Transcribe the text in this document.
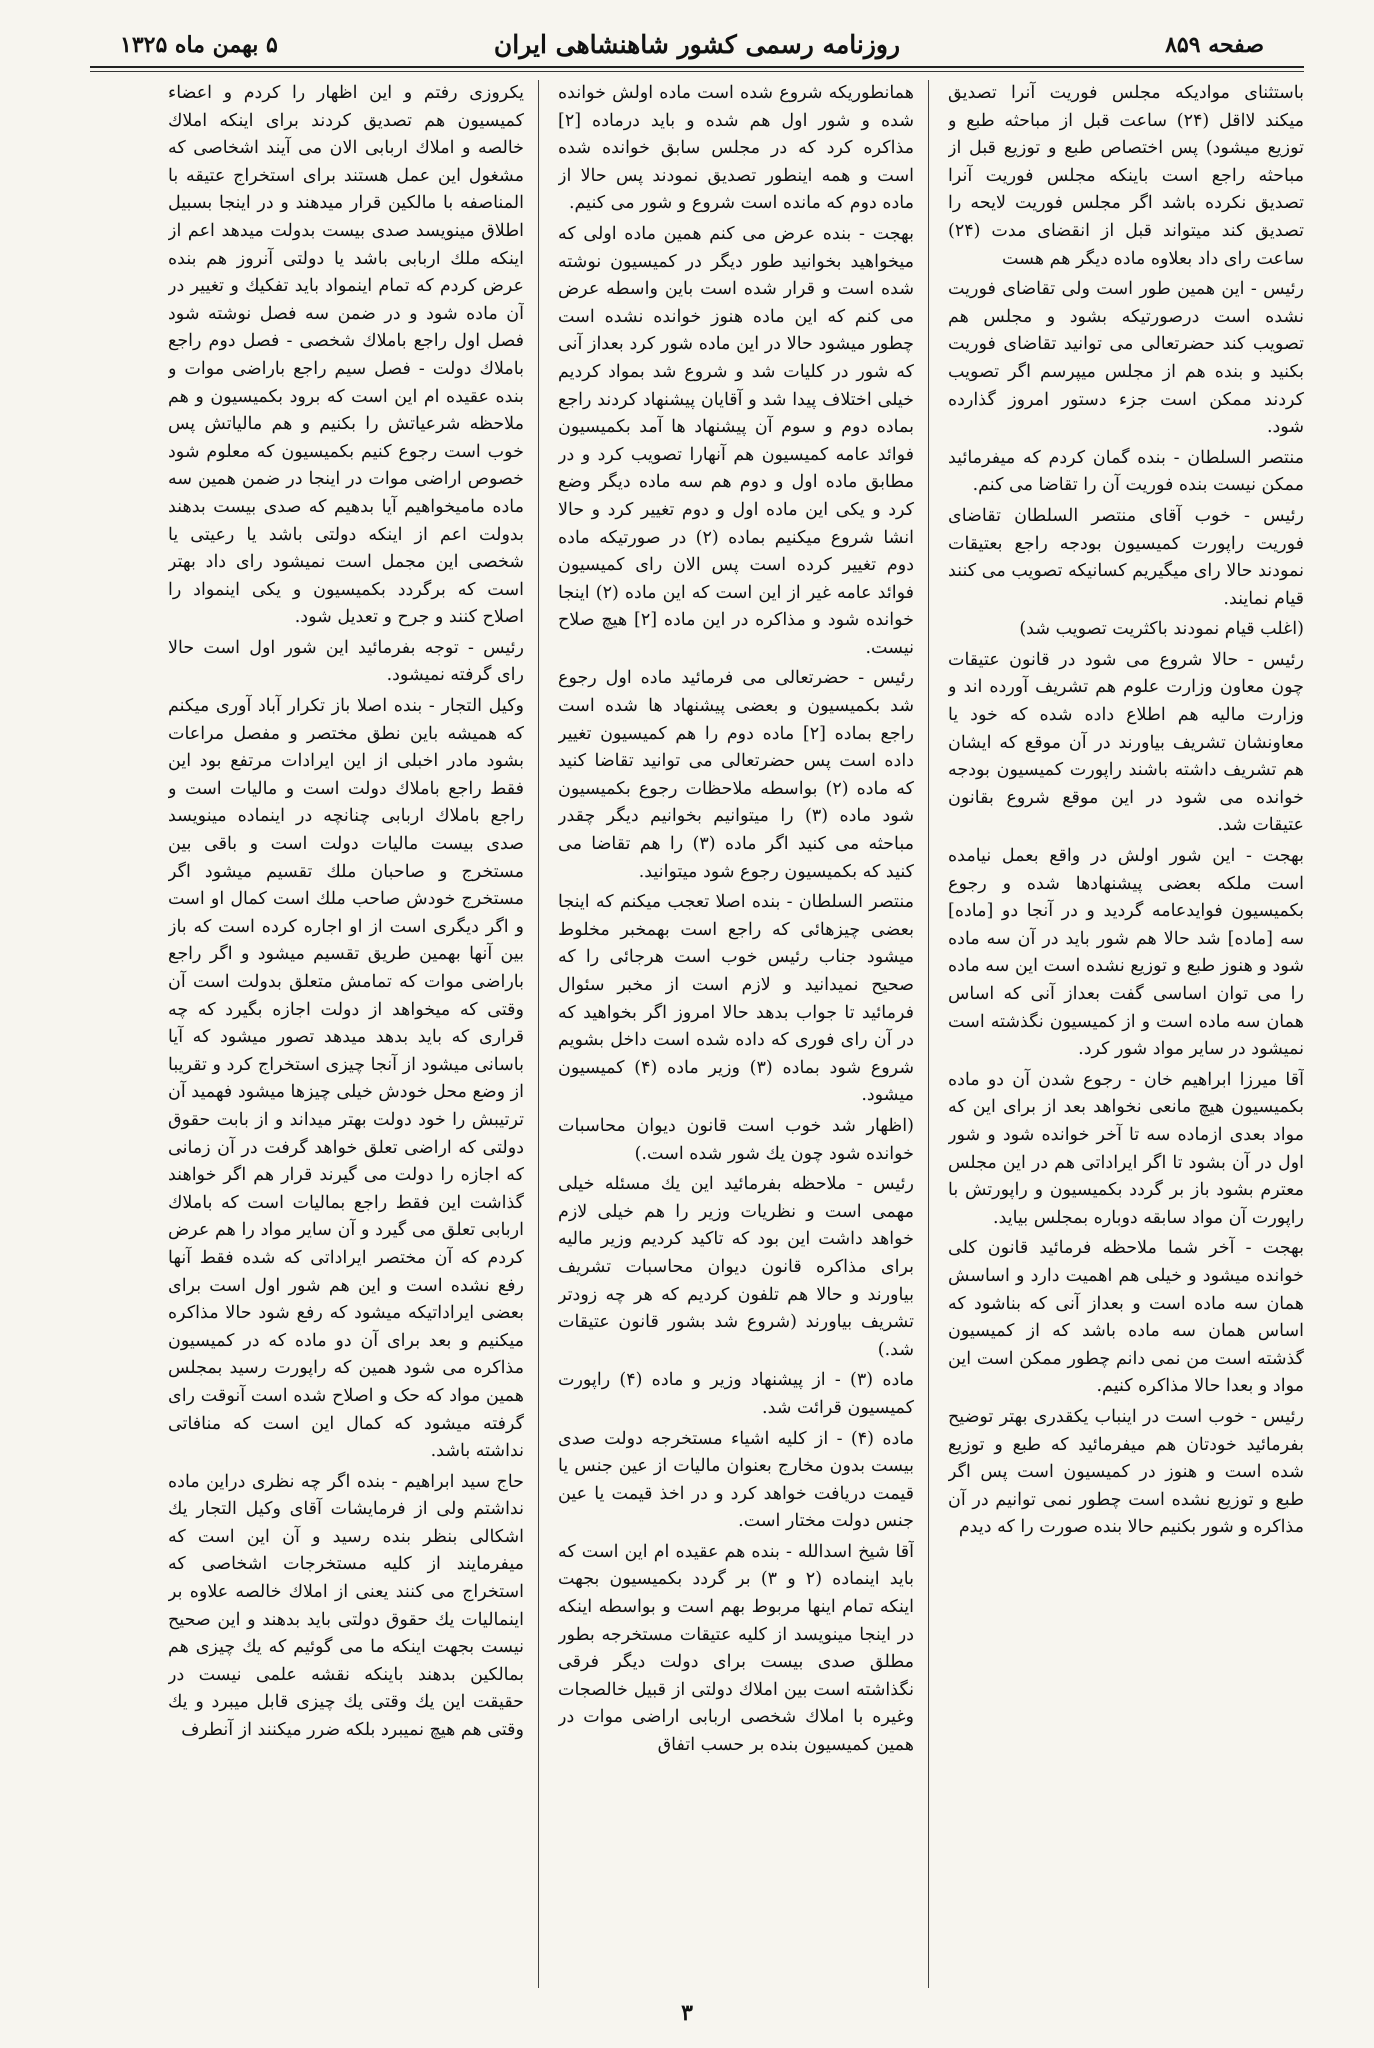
صفحه ۸۵۹
روزنامه رسمی کشور شاهنشاهی ایران
۵ بهمن ماه ۱۳۲۵
باستثنای موادیکه مجلس فوریت آنرا تصدیق میکند لااقل (۲۴) ساعت قبل از مباحثه طبع و توزیع میشود) پس اختصاص طبع و توزیع قبل از مباحثه راجع است باینکه مجلس فوریت آنرا تصدیق نکرده باشد اگر مجلس فوریت لایحه را تصدیق کند میتواند قبل از انقضای مدت (۲۴) ساعت رای داد بعلاوه ماده دیگر هم هست
رئیس - این همین طور است ولی تقاضای فوریت نشده است درصورتیکه بشود و مجلس هم تصویب کند حضرتعالی می توانید تقاضای فوریت بکنید و بنده هم از مجلس میپرسم اگر تصویب کردند ممکن است جزء دستور امروز گذارده شود.
منتصر السلطان - بنده گمان کردم که میفرمائید ممکن نیست بنده فوریت آن را تقاضا می کنم.
رئیس - خوب آقای منتصر السلطان تقاضای فوریت راپورت کمیسیون بودجه راجع بعتیقات نمودند حالا رای میگیریم کسانیکه تصویب می کنند قیام نمایند.
(اغلب قیام نمودند باکثریت تصویب شد)
رئیس - حالا شروع می شود در قانون عتیقات چون معاون وزارت علوم هم تشریف آورده اند و وزارت مالیه هم اطلاع داده شده که خود یا معاونشان تشریف بیاورند در آن موقع که ایشان هم تشریف داشته باشند راپورت کمیسیون بودجه خوانده می شود در این موقع شروع بقانون عتیقات شد.
بهجت - این شور اولش در واقع بعمل نیامده است ملکه بعضی پیشنهادها شده و رجوع بکمیسیون فوایدعامه گردید و در آنجا دو [ماده] سه [ماده] شد حالا هم شور باید در آن سه ماده شود و هنوز طبع و توزیع نشده است این سه ماده را می توان اساسی گفت بعداز آنی که اساس همان سه ماده است و از کمیسیون نگذشته است نمیشود در سایر مواد شور کرد.
آقا میرزا ابراهیم خان - رجوع شدن آن دو ماده بکمیسیون هیچ مانعی نخواهد بعد از برای این که مواد بعدی ازماده سه تا آخر خوانده شود و شور اول در آن بشود تا اگر ایراداتی هم در این مجلس معترم بشود باز بر گردد بکمیسیون و راپورتش با راپورت آن مواد سابقه دوباره بمجلس بیاید.
بهجت - آخر شما ملاحظه فرمائید قانون کلی خوانده میشود و خیلی هم اهمیت دارد و اساسش همان سه ماده است و بعداز آنی که بناشود که اساس همان سه ماده باشد که از کمیسیون گذشته است من نمی دانم چطور ممکن است این مواد و بعدا حالا مذاکره کنیم.
رئیس - خوب است در اینباب یکقدری بهتر توضیح بفرمائید خودتان هم میفرمائید که طبع و توزیع شده است و هنوز در کمیسیون است پس اگر طبع و توزیع نشده است چطور نمی توانیم در آن مذاکره و شور بکنیم حالا بنده صورت را که دیدم
همانطوریکه شروع شده است ماده اولش خوانده شده و شور اول هم شده و باید درماده [۲] مذاکره کرد که در مجلس سابق خوانده شده است و همه اینطور تصدیق نمودند پس حالا از ماده دوم که مانده است شروع و شور می کنیم.
بهجت - بنده عرض می کنم همین ماده اولی که میخواهید بخوانید طور دیگر در کمیسیون نوشته شده است و قرار شده است باین واسطه عرض می کنم که این ماده هنوز خوانده نشده است چطور میشود حالا در این ماده شور کرد بعداز آنی که شور در کلیات شد و شروع شد بمواد کردیم خیلی اختلاف پیدا شد و آقایان پیشنهاد کردند راجع بماده دوم و سوم آن پیشنهاد ها آمد بکمیسیون فوائد عامه کمیسیون هم آنهارا تصویب کرد و در مطابق ماده اول و دوم هم سه ماده دیگر وضع کرد و یکی این ماده اول و دوم تغییر کرد و حالا انشا شروع میکنیم بماده (۲) در صورتیکه ماده دوم تغییر کرده است پس الان رای کمیسیون فوائد عامه غیر از این است که این ماده (۲) اینجا خوانده شود و مذاکره در این ماده [۲] هیچ صلاح نیست.
رئیس - حضرتعالی می فرمائید ماده اول رجوع شد بکمیسیون و بعضی پیشنهاد ها شده است راجع بماده [۲] ماده دوم را هم کمیسیون تغییر داده است پس حضرتعالی می توانید تقاضا کنید که ماده (۲) بواسطه ملاحظات رجوع بکمیسیون شود ماده (۳) را میتوانیم بخوانیم دیگر چقدر مباحثه می کنید اگر ماده (۳) را هم تقاضا می کنید که بکمیسیون رجوع شود میتوانید.
منتصر السلطان - بنده اصلا تعجب میکنم که اینجا بعضی چیزهائی که راجع است بهمخبر مخلوط میشود جناب رئیس خوب است هرجائی را که صحیح نمیدانید و لازم است از مخبر سئوال فرمائید تا جواب بدهد حالا امروز اگر بخواهید که در آن رای فوری که داده شده است داخل بشویم شروع شود بماده (۳) وزیر ماده (۴) کمیسیون میشود.
(اظهار شد خوب است قانون دیوان محاسبات خوانده شود چون یك شور شده است.)
رئیس - ملاحظه بفرمائید این یك مسئله خیلی مهمی است و نظریات وزیر را هم خیلی لازم خواهد داشت این بود که تاکید کردیم وزیر مالیه برای مذاکره قانون دیوان محاسبات تشریف بیاورند و حالا هم تلفون کردیم که هر چه زودتر تشریف بیاورند (شروع شد بشور قانون عتیقات شد.)
ماده (۳) - از پیشنهاد وزیر و ماده (۴) راپورت کمیسیون قرائت شد.
ماده (۴) - از کلیه اشیاء مستخرجه دولت صدی بیست بدون مخارج بعنوان مالیات از عین جنس یا قیمت دریافت خواهد کرد و در اخذ قیمت یا عین جنس دولت مختار است.
آقا شیخ اسدالله - بنده هم عقیده ام این است که باید اینماده (۲ و ۳) بر گردد بکمیسیون بجهت اینکه تمام اینها مربوط بهم است و بواسطه اینکه در اینجا مینویسد از کلیه عتیقات مستخرجه بطور مطلق صدی بیست برای دولت دیگر فرقی نگذاشته است بین املاك دولتی از قبیل خالصجات وغیره با املاك شخصی اربابی اراضی موات در همین کمیسیون بنده بر حسب اتفاق
یکروزی رفتم و این اظهار را کردم و اعضاء کمیسیون هم تصدیق کردند برای اینکه املاك خالصه و املاك اربابی الان می آیند اشخاصی که مشغول این عمل هستند برای استخراج عتیقه با المناصفه با مالکین قرار میدهند و در اینجا بسبیل اطلاق مینویسد صدی بیست بدولت میدهد اعم از اینکه ملك اربابی باشد یا دولتی آنروز هم بنده عرض کردم که تمام اینمواد باید تفکیك و تغییر در آن ماده شود و در ضمن سه فصل نوشته شود فصل اول راجع باملاك شخصی - فصل دوم راجع باملاك دولت - فصل سیم راجع باراضی موات و بنده عقیده ام این است که برود بکمیسیون و هم ملاحظه شرعیاتش را بکنیم و هم مالیاتش پس خوب است رجوع کنیم بکمیسیون که معلوم شود خصوص اراضی موات در اینجا در ضمن همین سه ماده مامیخواهیم آیا بدهیم که صدی بیست بدهند بدولت اعم از اینکه دولتی باشد یا رعیتی یا شخصی این مجمل است نمیشود رای داد بهتر است که برگردد بکمیسیون و یکی اینمواد را اصلاح کنند و جرح و تعدیل شود.
رئیس - توجه بفرمائید این شور اول است حالا رای گرفته نمیشود.
وکیل التجار - بنده اصلا باز تکرار آباد آوری میکنم که همیشه باین نطق مختصر و مفصل مراعات بشود مادر اخبلی از این ایرادات مرتفع بود این فقط راجع باملاك دولت است و مالیات است و راجع باملاك اربابی چنانچه در اینماده مینویسد صدی بیست مالیات دولت است و باقی بین مستخرج و صاحبان ملك تقسیم میشود اگر مستخرج خودش صاحب ملك است کمال او است و اگر دیگری است از او اجاره کرده است که باز بین آنها بهمین طریق تقسیم میشود و اگر راجع باراضی موات که تمامش متعلق بدولت است آن وقتی که میخواهد از دولت اجازه بگیرد که چه قراری که باید بدهد میدهد تصور میشود که آیا باسانی میشود از آنجا چیزی استخراج کرد و تقریبا از وضع محل خودش خیلی چیزها میشود فهمید آن ترتیبش را خود دولت بهتر میداند و از بابت حقوق دولتی که اراضی تعلق خواهد گرفت در آن زمانی که اجازه را دولت می گیرند قرار هم اگر خواهند گذاشت این فقط راجع بمالیات است که باملاك اربابی تعلق می گیرد و آن سایر مواد را هم عرض کردم که آن مختصر ایراداتی که شده فقط آنها رفع نشده است و این هم شور اول است برای بعضی ایراداتیکه میشود که رفع شود حالا مذاکره میکنیم و بعد برای آن دو ماده که در کمیسیون مذاکره می شود همین که راپورت رسید بمجلس همین مواد که حک و اصلاح شده است آنوقت رای گرفته میشود که کمال این است که منافاتی نداشته باشد.
حاج سید ابراهیم - بنده اگر چه نظری دراین ماده نداشتم ولی از فرمایشات آقای وکیل التجار یك اشکالی بنظر بنده رسید و آن این است که میفرمایند از کلیه مستخرجات اشخاصی که استخراج می کنند یعنی از املاك خالصه علاوه بر اینمالیات یك حقوق دولتی باید بدهند و این صحیح نیست بجهت اینکه ما می گوئیم که یك چیزی هم بمالکین بدهند باینکه نقشه علمی نیست در حقیقت این یك وقتی یك چیزی قابل میبرد و یك وقتی هم هیچ نمیبرد بلکه ضرر میکنند از آنطرف
۳
